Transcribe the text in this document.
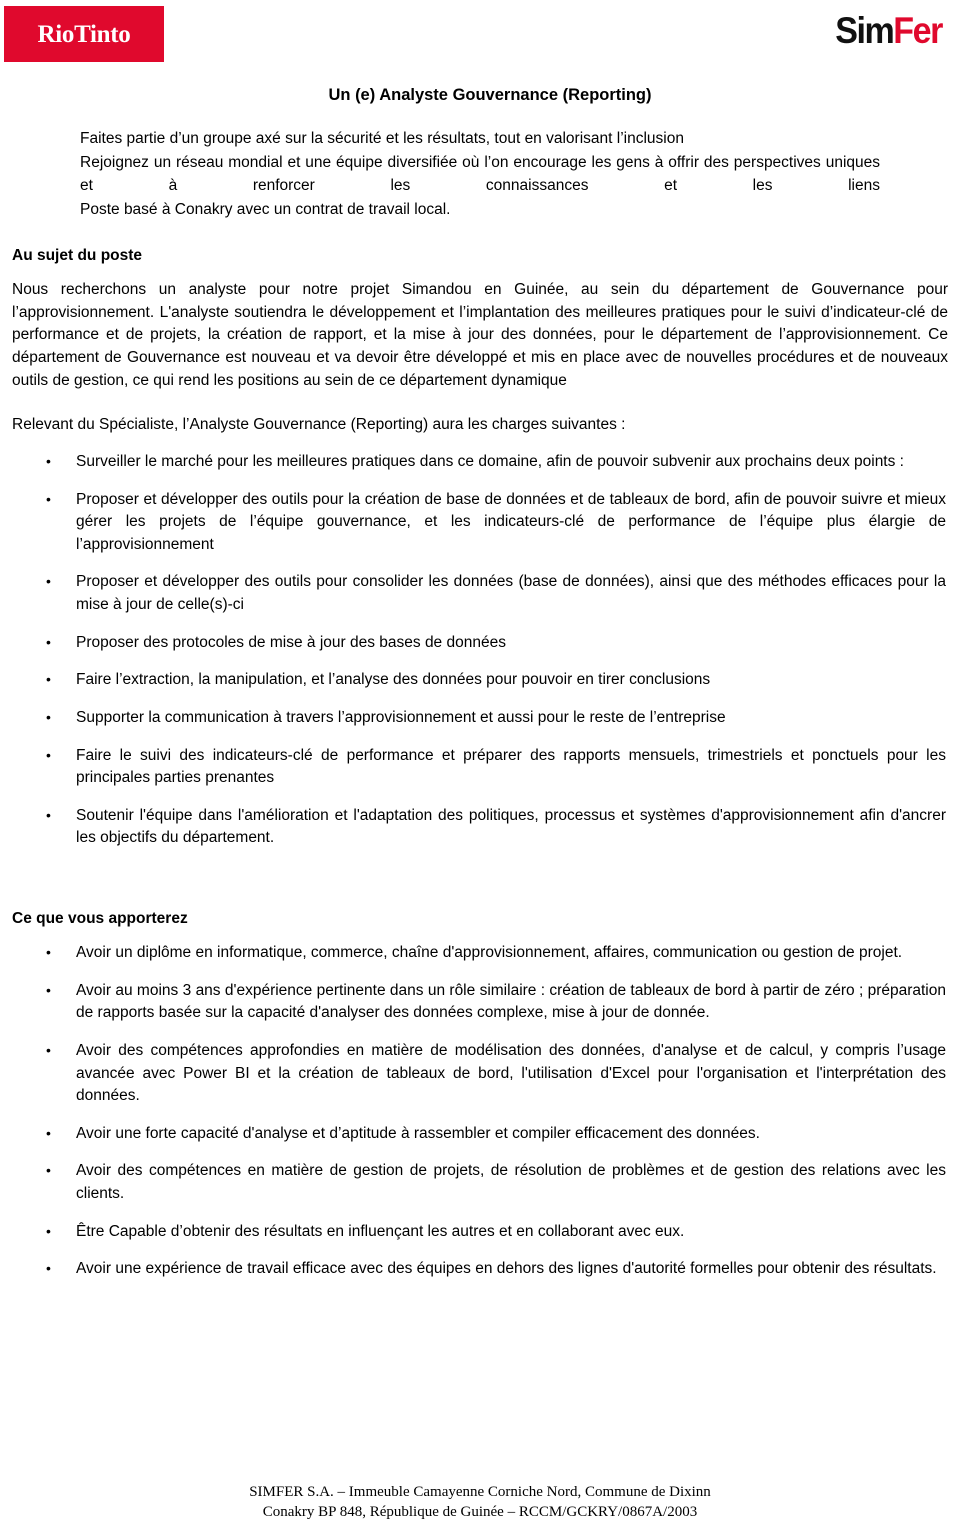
RioTinto	SimFer
Un (e) Analyste Gouvernance (Reporting)
Faites partie d’un groupe axé sur la sécurité et les résultats, tout en valorisant l’inclusion
Rejoignez un réseau mondial et une équipe diversifiée où l’on encourage les gens à offrir des perspectives uniques et à renforcer les connaissances et les liens
Poste basé à Conakry avec un contrat de travail local.
Au sujet du poste
Nous recherchons un analyste pour notre projet Simandou en Guinée, au sein du département de Gouvernance pour l’approvisionnement. L'analyste soutiendra le développement et l’implantation des meilleures pratiques pour le suivi d’indicateur-clé de performance et de projets, la création de rapport, et la mise à jour des données, pour le département de l’approvisionnement. Ce département de Gouvernance est nouveau et va devoir être développé et mis en place avec de nouvelles procédures et de nouveaux outils de gestion, ce qui rend les positions au sein de ce département dynamique
Relevant du Spécialiste, l’Analyste Gouvernance (Reporting) aura les charges suivantes :
• Surveiller le marché pour les meilleures pratiques dans ce domaine, afin de pouvoir subvenir aux prochains deux points :
• Proposer et développer des outils pour la création de base de données et de tableaux de bord, afin de pouvoir suivre et mieux gérer les projets de l’équipe gouvernance, et les indicateurs-clé de performance de l’équipe plus élargie de l’approvisionnement
• Proposer et développer des outils pour consolider les données (base de données), ainsi que des méthodes efficaces pour la mise à jour de celle(s)-ci
• Proposer des protocoles de mise à jour des bases de données
• Faire l’extraction, la manipulation, et l’analyse des données pour pouvoir en tirer conclusions
• Supporter la communication à travers l’approvisionnement et aussi pour le reste de l’entreprise
• Faire le suivi des indicateurs-clé de performance et préparer des rapports mensuels, trimestriels et ponctuels pour les principales parties prenantes
• Soutenir l'équipe dans l'amélioration et l'adaptation des politiques, processus et systèmes d'approvisionnement afin d'ancrer les objectifs du département.
Ce que vous apporterez
• Avoir un diplôme en informatique, commerce, chaîne d'approvisionnement, affaires, communication ou gestion de projet.
• Avoir au moins 3 ans d'expérience pertinente dans un rôle similaire : création de tableaux de bord à partir de zéro ; préparation de rapports basée sur la capacité d'analyser des données complexe, mise à jour de donnée.
• Avoir des compétences approfondies en matière de modélisation des données, d'analyse et de calcul, y compris l’usage avancée avec Power BI et la création de tableaux de bord, l'utilisation d'Excel pour l'organisation et l'interprétation des données.
• Avoir une forte capacité d'analyse et d’aptitude à rassembler et compiler efficacement des données.
• Avoir des compétences en matière de gestion de projets, de résolution de problèmes et de gestion des relations avec les clients.
• Être Capable d’obtenir des résultats en influençant les autres et en collaborant avec eux.
• Avoir une expérience de travail efficace avec des équipes en dehors des lignes d'autorité formelles pour obtenir des résultats.
SIMFER S.A. – Immeuble Camayenne Corniche Nord, Commune de Dixinn
Conakry BP 848, République de Guinée – RCCM/GCKRY/0867A/2003
